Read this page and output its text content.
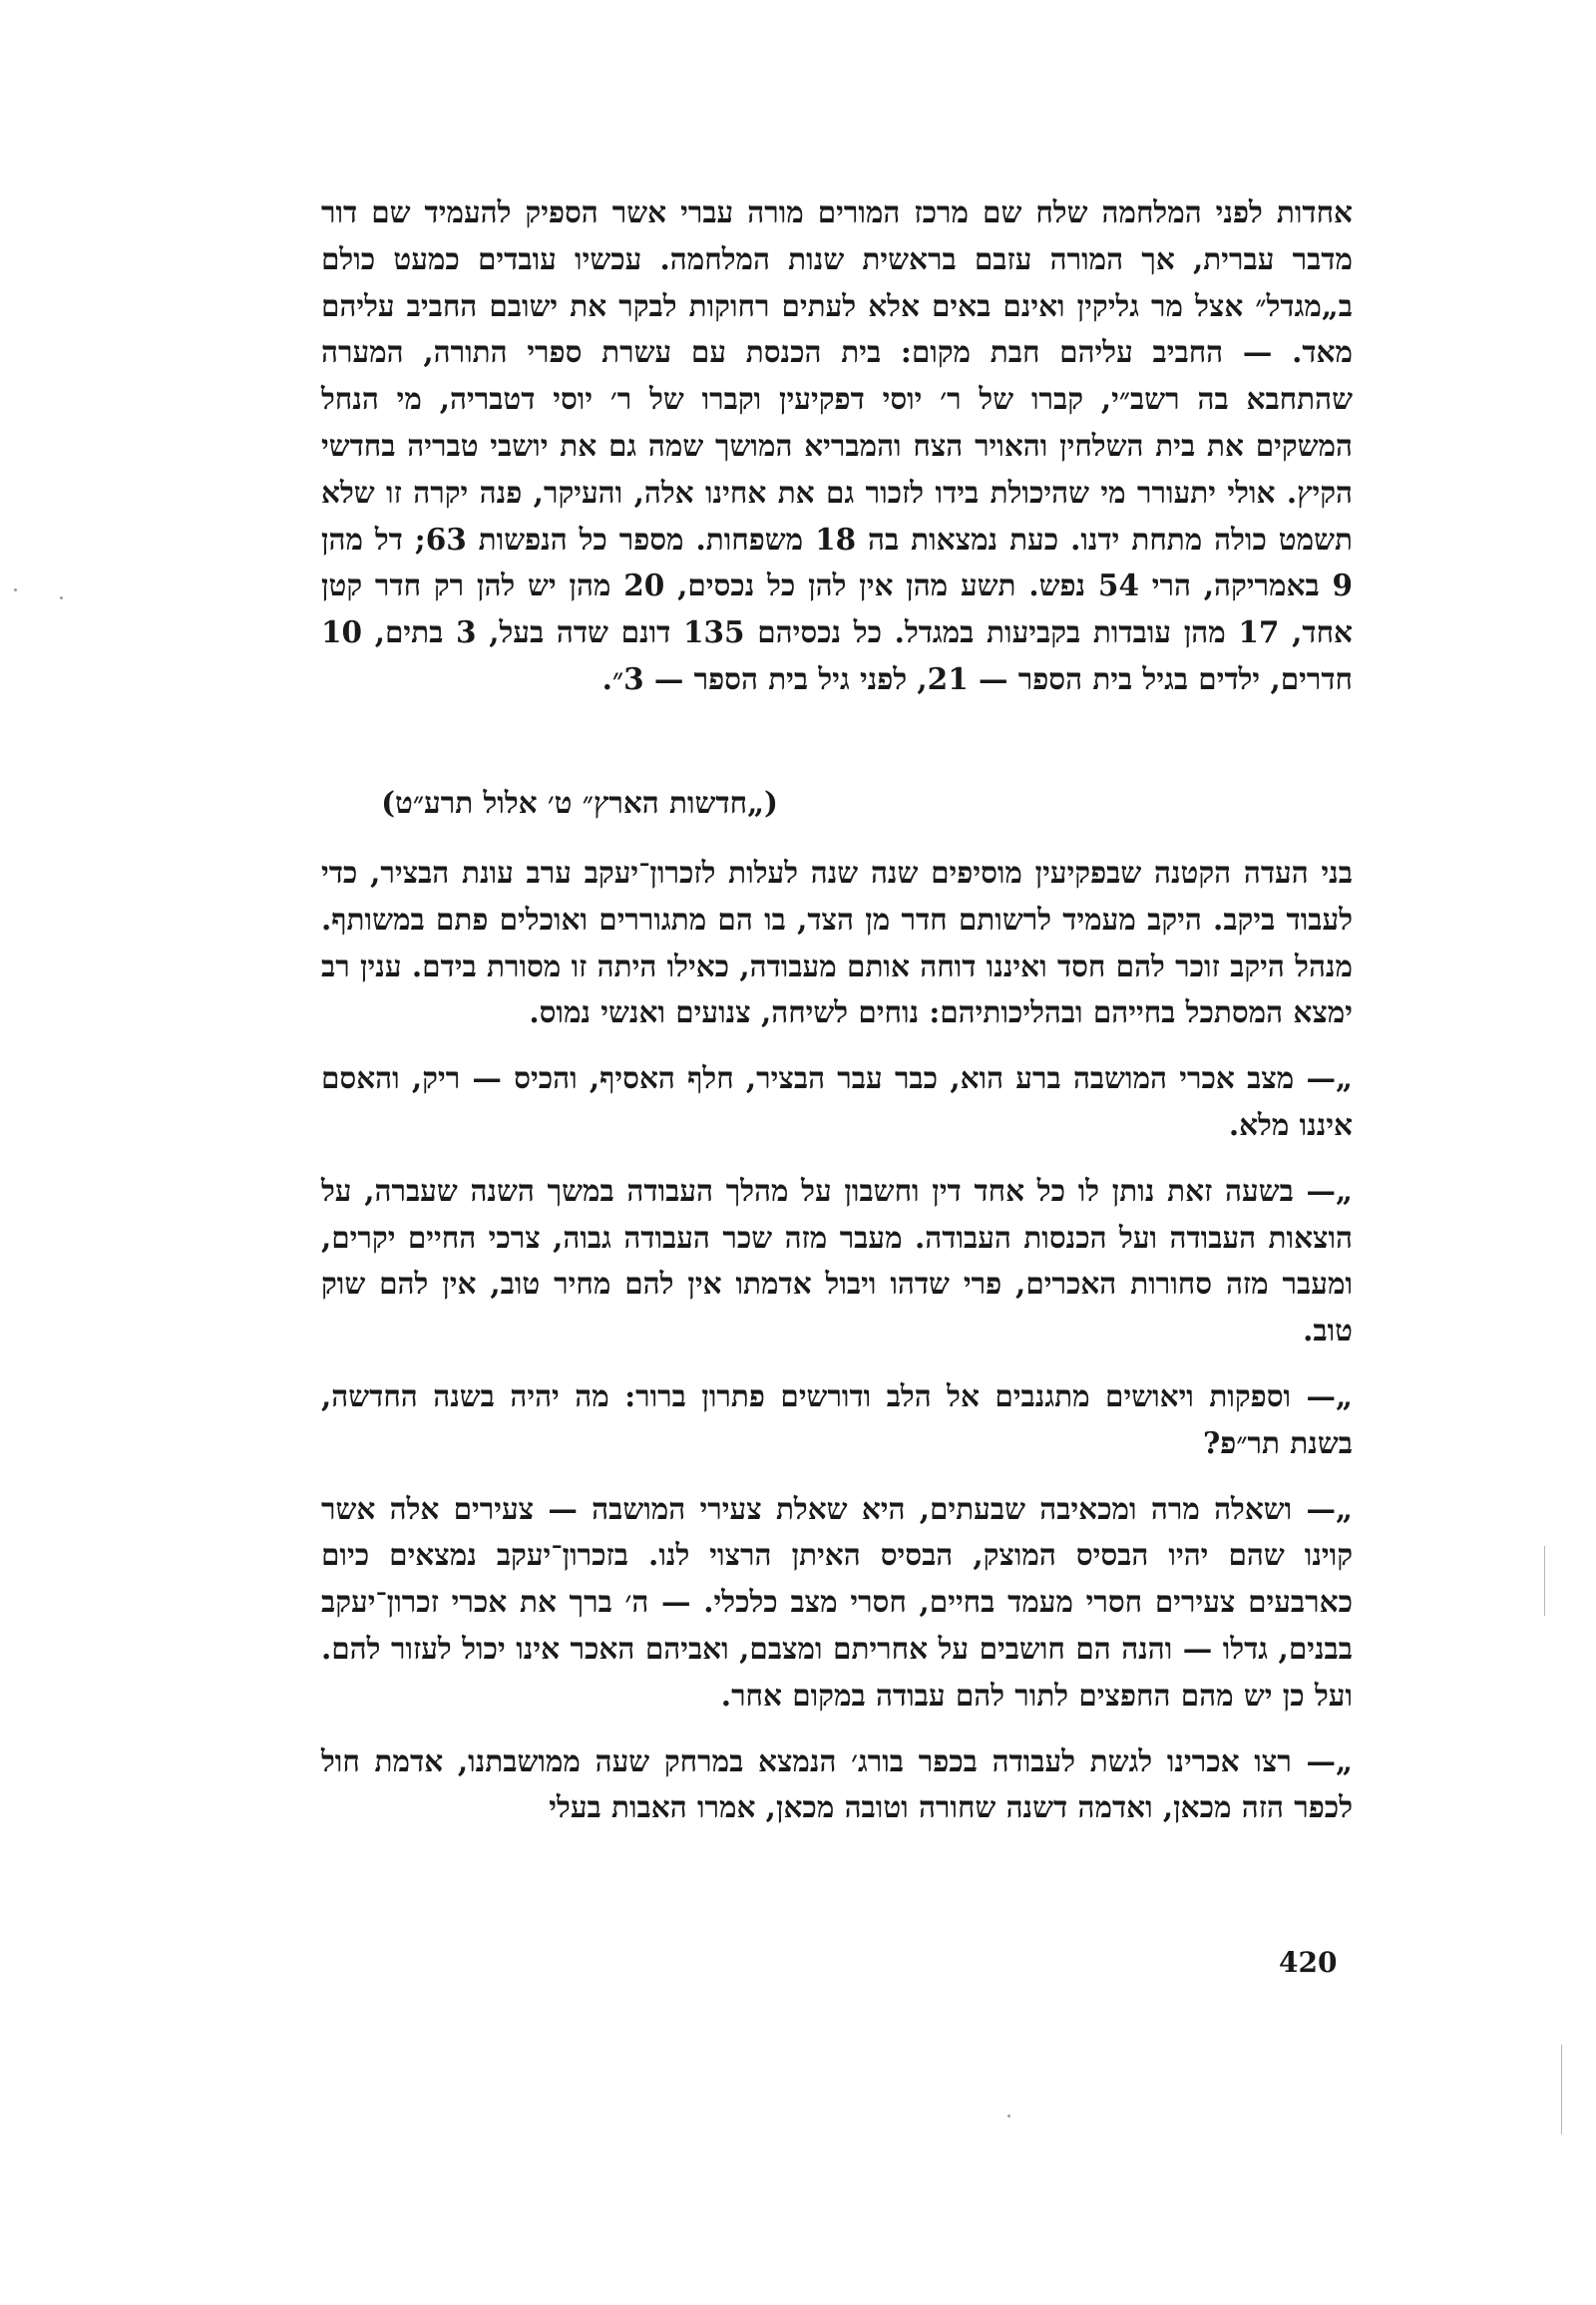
אחדות לפני המלחמה שלח שם מרכז המורים מורה עברי אשר הספיק להעמיד שם דור מדבר עברית, אך המורה עזבם בראשית שנות המלחמה. עכשיו עובדים כמעט כולם ב„מגדל״ אצל מר גליקין ואינם באים אלא לעתים רחוקות לבקר את ישובם החביב עליהם מאד. — החביב עליהם חבת מקום: בית הכנסת עם עשרת ספרי התורה, המערה שהתחבא בה רשב״י, קברו של ר׳ יוסי דפקיעין וקברו של ר׳ יוסי דטבריה, מי הנחל המשקים את בית השלחין והאויר הצח והמבריא המושך שמה גם את יושבי טבריה בחדשי הקיץ. אולי יתעורר מי שהיכולת בידו לזכור גם את אחינו אלה, והעיקר, פנה יקרה זו שלא תשמט כולה מתחת ידנו. כעת נמצאות בה 18 משפחות. מספר כל הנפשות 63; דל מהן 9 באמריקה, הרי 54 נפש. תשע מהן אין להן כל נכסים, 20 מהן יש להן רק חדר קטן אחד, 17 מהן עובדות בקביעות במגדל. כל נכסיהם 135 דונם שדה בעל, 3 בתים, 10 חדרים, ילדים בגיל בית הספר — 21, לפני גיל בית הספר — 3״.

(„חדשות הארץ״ ט׳ אלול תרע״ט)

בני העדה הקטנה שבפקיעין מוסיפים שנה שנה לעלות לזכרון־יעקב ערב עונת הבציר, כדי לעבוד ביקב. היקב מעמיד לרשותם חדר מן הצד, בו הם מתגוררים ואוכלים פתם במשותף. מנהל היקב זוכר להם חסד ואיננו דוחה אותם מעבודה, כאילו היתה זו מסורת בידם. ענין רב ימצא המסתכל בחייהם ובהליכותיהם: נוחים לשיחה, צנועים ואנשי נמוס.

„— מצב אכרי המושבה ברע הוא, כבר עבר הבציר, חלף האסיף, והכיס — ריק, והאסם איננו מלא.

„— בשעה זאת נותן לו כל אחד דין וחשבון על מהלך העבודה במשך השנה שעברה, על הוצאות העבודה ועל הכנסות העבודה. מעבר מזה שכר העבודה גבוה, צרכי החיים יקרים, ומעבר מזה סחורות האכרים, פרי שדהו ויבול אדמתו אין להם מחיר טוב, אין להם שוק טוב.

„— וספקות ויאושים מתגנבים אל הלב ודורשים פתרון ברור: מה יהיה בשנה החדשה, בשנת תר״פ?

„— ושאלה מרה ומכאיבה שבעתים, היא שאלת צעירי המושבה — צעירים אלה אשר קוינו שהם יהיו הבסיס המוצק, הבסיס האיתן הרצוי לנו. בזכרון־יעקב נמצאים כיום כארבעים צעירים חסרי מעמד בחיים, חסרי מצב כלכלי. — ה׳ ברך את אכרי זכרון־יעקב בבנים, גדלו — והנה הם חושבים על אחריתם ומצבם, ואביהם האכר אינו יכול לעזור להם. ועל כן יש מהם החפצים לתור להם עבודה במקום אחר.

„— רצו אכרינו לגשת לעבודה בכפר בורג׳ הנמצא במרחק שעה ממושבתנו, אדמת חול לכפר הזה מכאן, ואדמה דשנה שחורה וטובה מכאן, אמרו האבות בעלי

420
